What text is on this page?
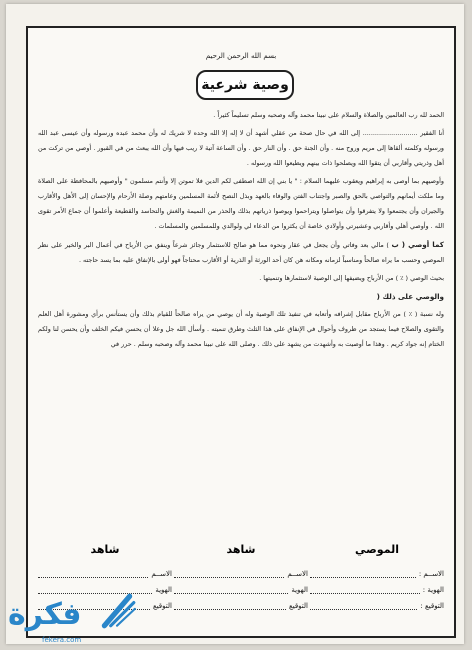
بسم الله الرحمن الرحيم
وصية شرعية

الحمد لله رب العالمين والصلاة والسلام على نبينا محمد وآله وصحبه وسلم تسليماً كثيراً .

أنا الفقير ........................... إلى الله في حال صحة من عقلي أشهد أن لا إله إلا الله وحده لا شريك له وأن محمد عبده ورسوله وأن عيسى عبد الله ورسوله وكلمته ألقاها إلى مريم وروح منه . وأن الجنة حق . وأن النار حق . وأن الساعة آتية لا ريب فيها وأن الله يبعث من في القبور . أوصي من تركت من أهل وذريتي وأقاربي أن يتقوا الله ويصلحوا ذات بينهم ويطيعوا الله ورسوله .

وأوصيهم بما أوصى به إبراهيم ويعقوب عليهما السلام : " يا بني إن الله اصطفى لكم الدين فلا تموتن إلا وأنتم مسلمون " وأوصيهم بالمحافظة على الصلاة وما ملكت أيمانهم والتواصي بالحق والصبر واجتناب الفتن والوفاء بالعهد وبذل النصح لأئمة المسلمين وعامتهم وصلة الأرحام والإحسان إلى الأهل والأقارب والجيران وأن يجتمعوا ولا يتفرقوا وأن يتواصلوا ويتراحموا ويوصوا ذرياتهم بذلك والحذر من النميمة والغش والتحاسد والقطيعة وأعلموا أن جماع الأمر تقوى الله . وأوصي أهلي وأقاربي وعشيرتي وأولادي خاصة أن يكثروا من الدعاء لي ولوالدي وللمسلمين والمسلمات .

كما أوصي ( ب ) مالي بعد وفاتي وأن يجعل في عقار ونحوه مما هو صالح للاستثمار وجائز شرعاً وينفق من الأرباح في أعمال البر والخير على نظر الموصي وحسب ما يراه صالحاً ومناسباً لزمانه ومكانه هن كان أحد الورثة أو الذرية أو الأقارب محتاجاً فهو أولى بالإنفاق عليه بما يسد حاجته .

بحيث الوصي ( ٪ ) من الأرباح ويضيفها إلى الوصية لاستثمارها وتنميتها .

والوصي على ذلك (

وله نسبة ( ٪ ) من الأرباح مقابل إشرافه وأتعابه في تنفيذ تلك الوصية وله أن يوصي من يراه صالحاً للقيام بذلك وأن يستأنس برأي ومشورة أهل العلم والتقوى والصلاح فيما يستجد من ظروف وأحوال في الإنفاق على هذا الثلث وطرق تنميته . وأسأل الله جل وعلا أن يحسن فيكم الخلف وأن يحسن لنا ولكم الختام إنه جواد كريم . وهذا ما أوصيت به وأشهدت من يشهد على ذلك . وصلى الله على نبينا محمد وآله وصحبه وسلم . حرر في

الموصي
الاســم :
الهوية :
التوقيع :
شاهد
الاســم
الهوية
التوقيع
شاهد
الاســم
الهوية
التوقيع
فكرة
fekera.com
